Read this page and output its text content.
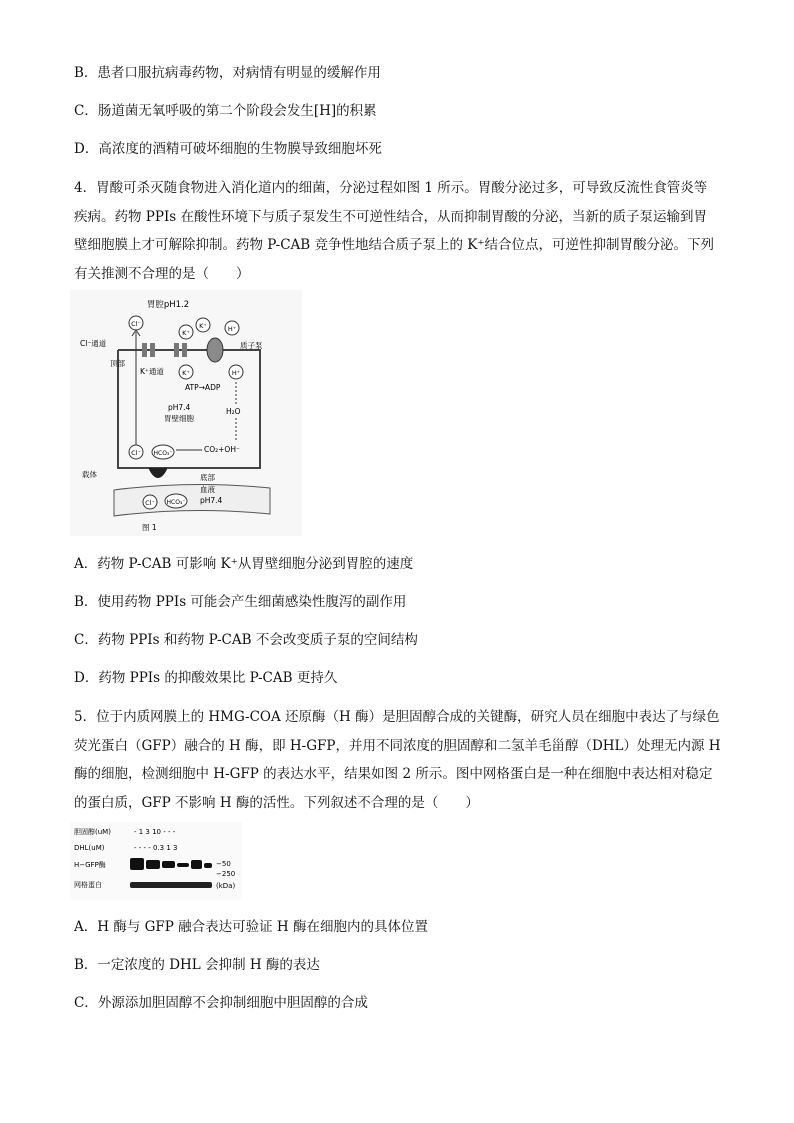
B．患者口服抗病毒药物，对病情有明显的缓解作用
C．肠道菌无氧呼吸的第二个阶段会发生[H]的积累
D．高浓度的酒精可破坏细胞的生物膜导致细胞坏死
4．胃酸可杀灭随食物进入消化道内的细菌，分泌过程如图 1 所示。胃酸分泌过多，可导致反流性食管炎等
疾病。药物 PPIs 在酸性环境下与质子泵发生不可逆性结合，从而抑制胃酸的分泌，当新的质子泵运输到胃
壁细胞膜上才可解除抑制。药物 P-CAB 竞争性地结合质子泵上的 K⁺结合位点，可逆性抑制胃酸分泌。下列
有关推测不合理的是（　　）
胃腔pH1.2
Cl⁻
Cl⁻通道
顶部
K⁺通道
K⁺
K⁺
K⁺
H⁺
质子泵
H⁺
ATP→ADP
pH7.4
胃壁细胞
H₂O
CO₂+OH⁻
Cl⁻ HCO₃⁻
载体	底部
血液
pH7.4
Cl⁻ HCO₃⁻
图 1
A．药物 P-CAB 可影响 K⁺从胃壁细胞分泌到胃腔的速度
B．使用药物 PPIs 可能会产生细菌感染性腹泻的副作用
C．药物 PPIs 和药物 P-CAB 不会改变质子泵的空间结构
D．药物 PPIs 的抑酸效果比 P-CAB 更持久
5．位于内质网膜上的 HMG-COA 还原酶（H 酶）是胆固醇合成的关键酶，研究人员在细胞中表达了与绿色
荧光蛋白（GFP）融合的 H 酶，即 H-GFP，并用不同浓度的胆固醇和二氢羊毛甾醇（DHL）处理无内源 H
酶的细胞，检测细胞中 H-GFP 的表达水平，结果如图 2 所示。图中网格蛋白是一种在细胞中表达相对稳定
的蛋白质，GFP 不影响 H 酶的活性。下列叙述不合理的是（　　）
胆固醇(uM)	- 1 3 10 - - -
DHL(uM)	- - - - 0.3 1 3
H−GFP酶	−50
−250
网格蛋白	(kDa)
A．H 酶与 GFP 融合表达可验证 H 酶在细胞内的具体位置
B．一定浓度的 DHL 会抑制 H 酶的表达
C．外源添加胆固醇不会抑制细胞中胆固醇的合成
